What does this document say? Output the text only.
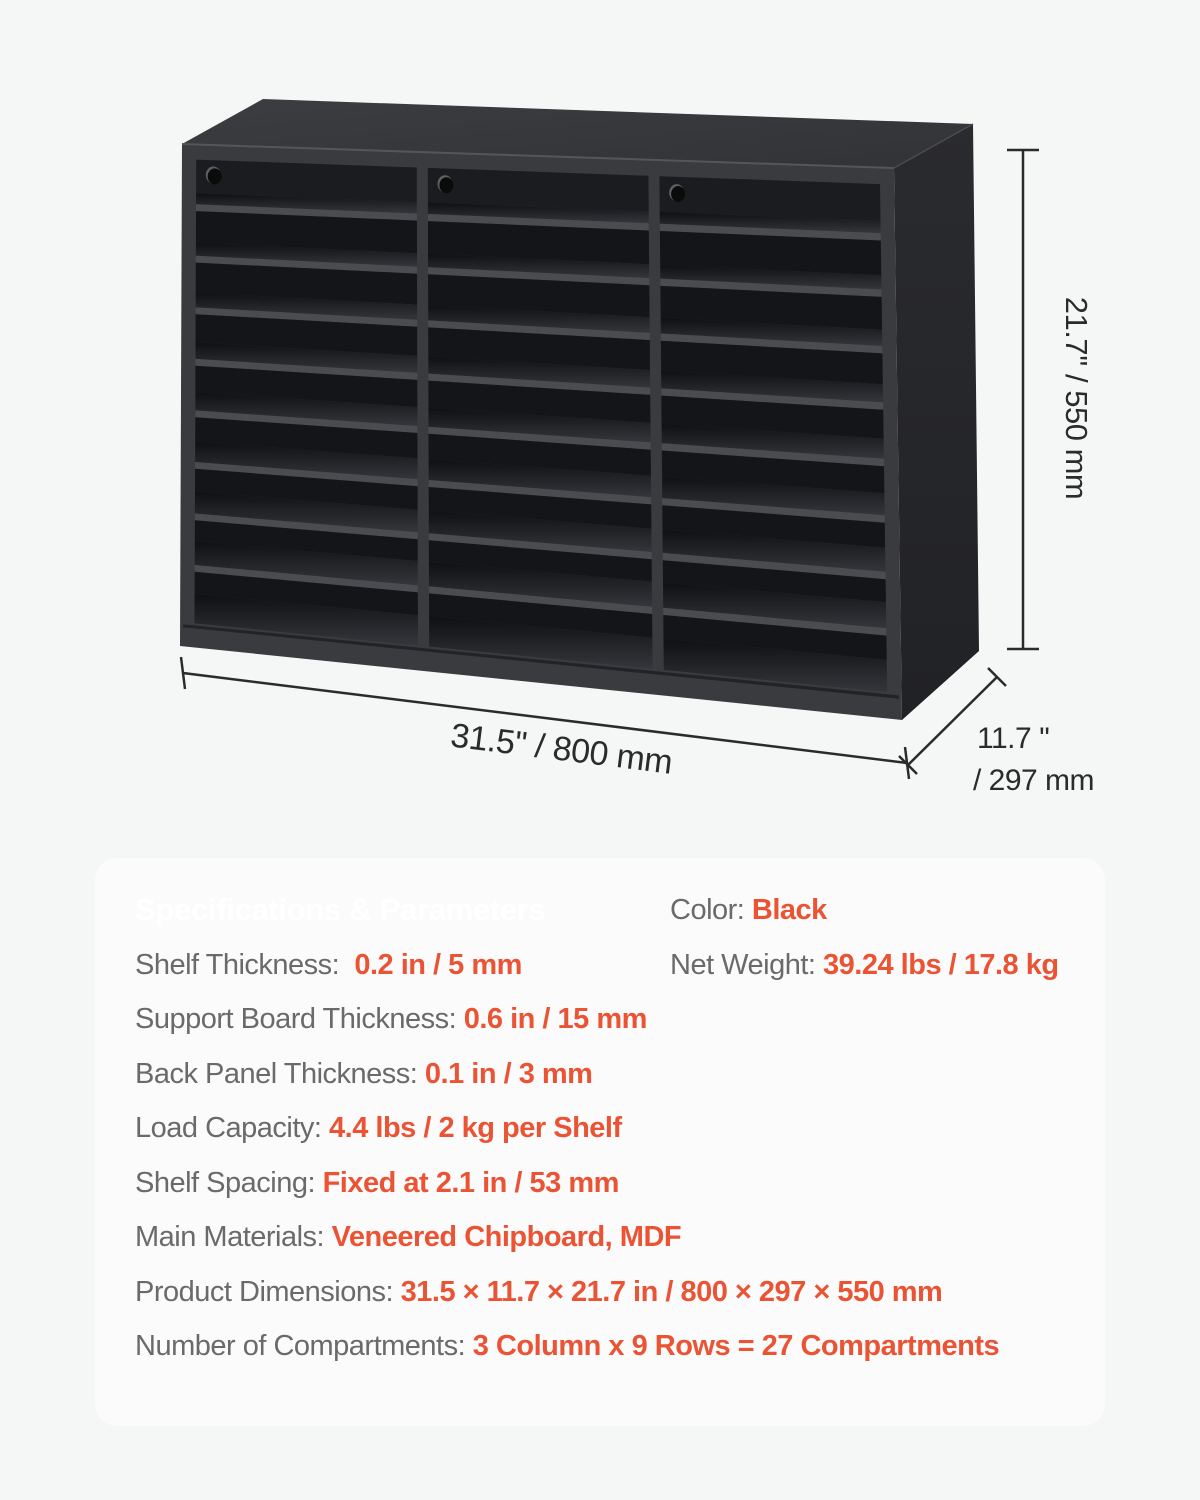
21.7'' / 550 mm
31.5'' / 800 mm	11.7 ''
/ 297 mm
Specifications & Parameters
Shelf Thickness:  0.2 in / 5 mm
Support Board Thickness: 0.6 in / 15 mm
Back Panel Thickness: 0.1 in / 3 mm
Load Capacity: 4.4 lbs / 2 kg per Shelf
Shelf Spacing: Fixed at 2.1 in / 53 mm
Main Materials: Veneered Chipboard, MDF
Product Dimensions: 31.5 × 11.7 × 21.7 in / 800 × 297 × 550 mm
Number of Compartments: 3 Column x 9 Rows = 27 Compartments
Color: Black
Net Weight: 39.24 lbs / 17.8 kg
